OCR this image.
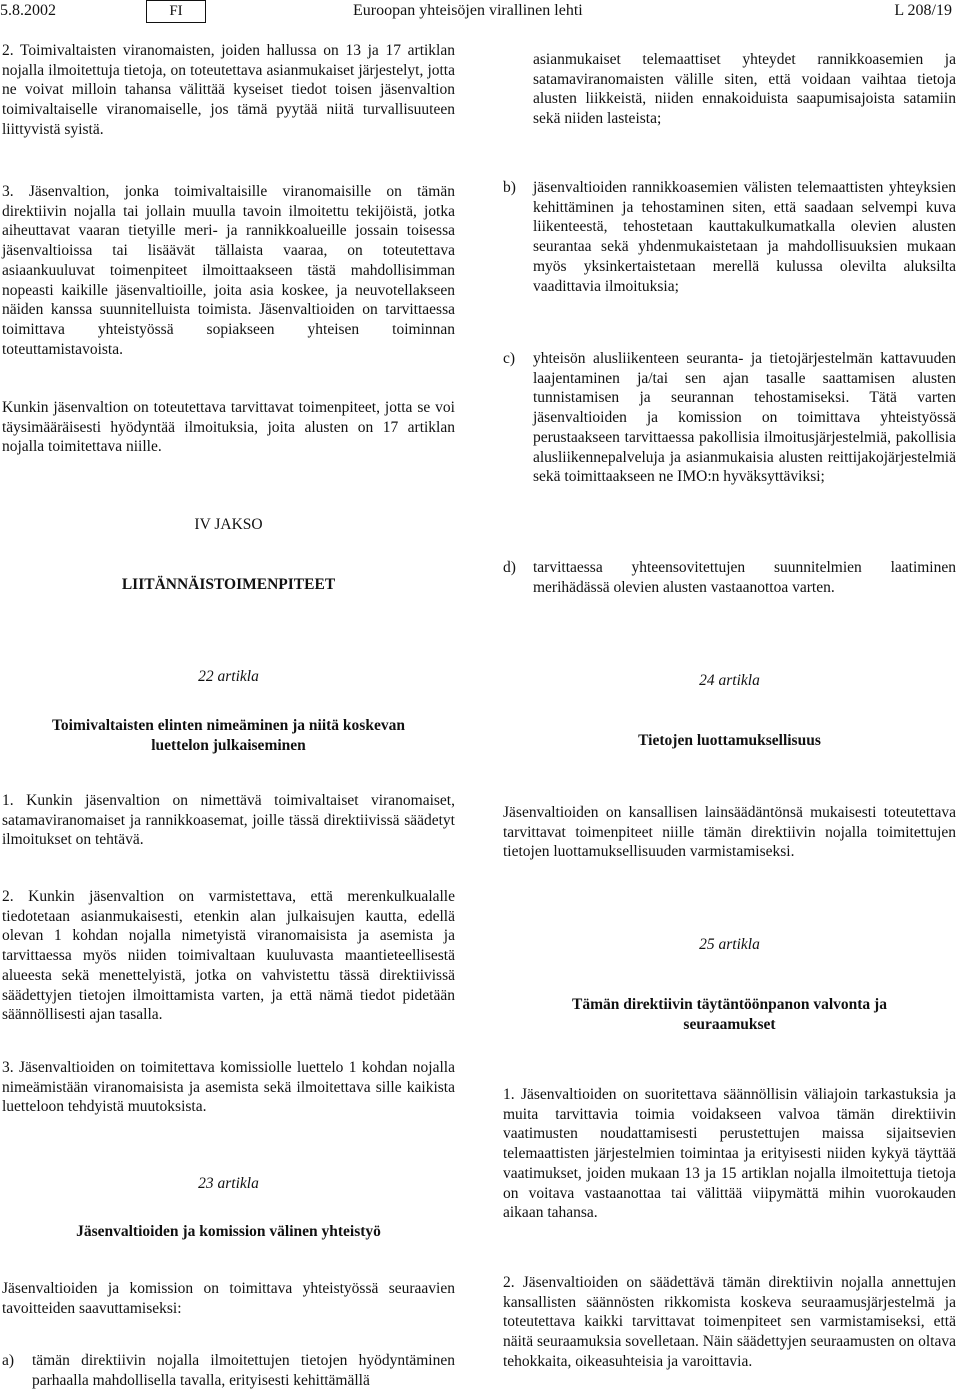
5.8.2002	FI	Euroopan yhteisöjen virallinen lehti	L 208/19

2. Toimivaltaisten viranomaisten, joiden hallussa on 13 ja 17 artiklan nojalla ilmoitettuja tietoja, on toteutettava asianmukaiset järjestelyt, jotta ne voivat milloin tahansa välittää kyseiset tiedot toisen jäsenvaltion toimivaltaiselle viranomaiselle, jos tämä pyytää niitä turvallisuuteen liittyvistä syistä.

3. Jäsenvaltion, jonka toimivaltaisille viranomaisille on tämän direktiivin nojalla tai jollain muulla tavoin ilmoitettu tekijöistä, jotka aiheuttavat vaaran tietyille meri- ja rannikkoalueille jossain toisessa jäsenvaltioissa tai lisäävät tällaista vaaraa, on toteutettava asiaankuuluvat toimenpiteet ilmoittaakseen tästä mahdollisimman nopeasti kaikille jäsenvaltioille, joita asia koskee, ja neuvotellakseen näiden kanssa suunnitelluista toimista. Jäsenvaltioiden on tarvittaessa toimittava yhteistyössä sopiakseen yhteisen toiminnan toteuttamistavoista.

Kunkin jäsenvaltion on toteutettava tarvittavat toimenpiteet, jotta se voi täysimääräisesti hyödyntää ilmoituksia, joita alusten on 17 artiklan nojalla toimitettava niille.

IV JAKSO

LIITÄNNÄISTOIMENPITEET

22 artikla

Toimivaltaisten elinten nimeäminen ja niitä koskevan luettelon julkaiseminen

1. Kunkin jäsenvaltion on nimettävä toimivaltaiset viranomaiset, satamaviranomaiset ja rannikkoasemat, joille tässä direktiivissä säädetyt ilmoitukset on tehtävä.

2. Kunkin jäsenvaltion on varmistettava, että merenkulkualalle tiedotetaan asianmukaisesti, etenkin alan julkaisujen kautta, edellä olevan 1 kohdan nojalla nimetyistä viranomaisista ja asemista ja tarvittaessa myös niiden toimivaltaan kuuluvasta maantieteellisestä alueesta sekä menettelyistä, jotka on vahvistettu tässä direktiivissä säädettyjen tietojen ilmoittamista varten, ja että nämä tiedot pidetään säännöllisesti ajan tasalla.

3. Jäsenvaltioiden on toimitettava komissiolle luettelo 1 kohdan nojalla nimeämistään viranomaisista ja asemista sekä ilmoitettava sille kaikista luetteloon tehdyistä muutoksista.

23 artikla

Jäsenvaltioiden ja komission välinen yhteistyö

Jäsenvaltioiden ja komission on toimittava yhteistyössä seuraavien tavoitteiden saavuttamiseksi:

a)	tämän direktiivin nojalla ilmoitettujen tietojen hyödyntäminen parhaalla mahdollisella tavalla, erityisesti kehittämällä

asianmukaiset telemaattiset yhteydet rannikkoasemien ja satamaviranomaisten välille siten, että voidaan vaihtaa tietoja alusten liikkeistä, niiden ennakoiduista saapumisajoista satamiin sekä niiden lasteista;

b)	jäsenvaltioiden rannikkoasemien välisten telemaattisten yhteyksien kehittäminen ja tehostaminen siten, että saadaan selvempi kuva liikenteestä, tehostetaan kauttakulkumatkalla olevien alusten seurantaa sekä yhdenmukaistetaan ja mahdollisuuksien mukaan myös yksinkertaistetaan merellä kulussa olevilta aluksilta vaadittavia ilmoituksia;
c)	yhteisön alusliikenteen seuranta- ja tietojärjestelmän kattavuuden laajentaminen ja/tai sen ajan tasalle saattamisen alusten tunnistamisen ja seurannan tehostamiseksi. Tätä varten jäsenvaltioiden ja komission on toimittava yhteistyössä perustaakseen tarvittaessa pakollisia ilmoitusjärjestelmiä, pakollisia alusliikennepalveluja ja asianmukaisia alusten reittijakojärjestelmiä sekä toimittaakseen ne IMO:n hyväksyttäviksi;
d)	tarvittaessa yhteensovitettujen suunnitelmien laatiminen merihädässä olevien alusten vastaanottoa varten.

24 artikla

Tietojen luottamuksellisuus

Jäsenvaltioiden on kansallisen lainsäädäntönsä mukaisesti toteutettava tarvittavat toimenpiteet niille tämän direktiivin nojalla toimitettujen tietojen luottamuksellisuuden varmistamiseksi.

25 artikla

Tämän direktiivin täytäntöönpanon valvonta ja seuraamukset

1. Jäsenvaltioiden on suoritettava säännöllisin väliajoin tarkastuksia ja muita tarvittavia toimia voidakseen valvoa tämän direktiivin vaatimusten noudattamisesti perustettujen maissa sijaitsevien telemaattisten järjestelmien toimintaa ja erityisesti niiden kykyä täyttää vaatimukset, joiden mukaan 13 ja 15 artiklan nojalla ilmoitettuja tietoja on voitava vastaanottaa tai välittää viipymättä mihin vuorokauden aikaan tahansa.

2. Jäsenvaltioiden on säädettävä tämän direktiivin nojalla annettujen kansallisten säännösten rikkomista koskeva seuraamusjärjestelmä ja toteutettava kaikki tarvittavat toimenpiteet sen varmistamiseksi, että näitä seuraamuksia sovelletaan. Näin säädettyjen seuraamusten on oltava tehokkaita, oikeasuhteisia ja varoittavia.
